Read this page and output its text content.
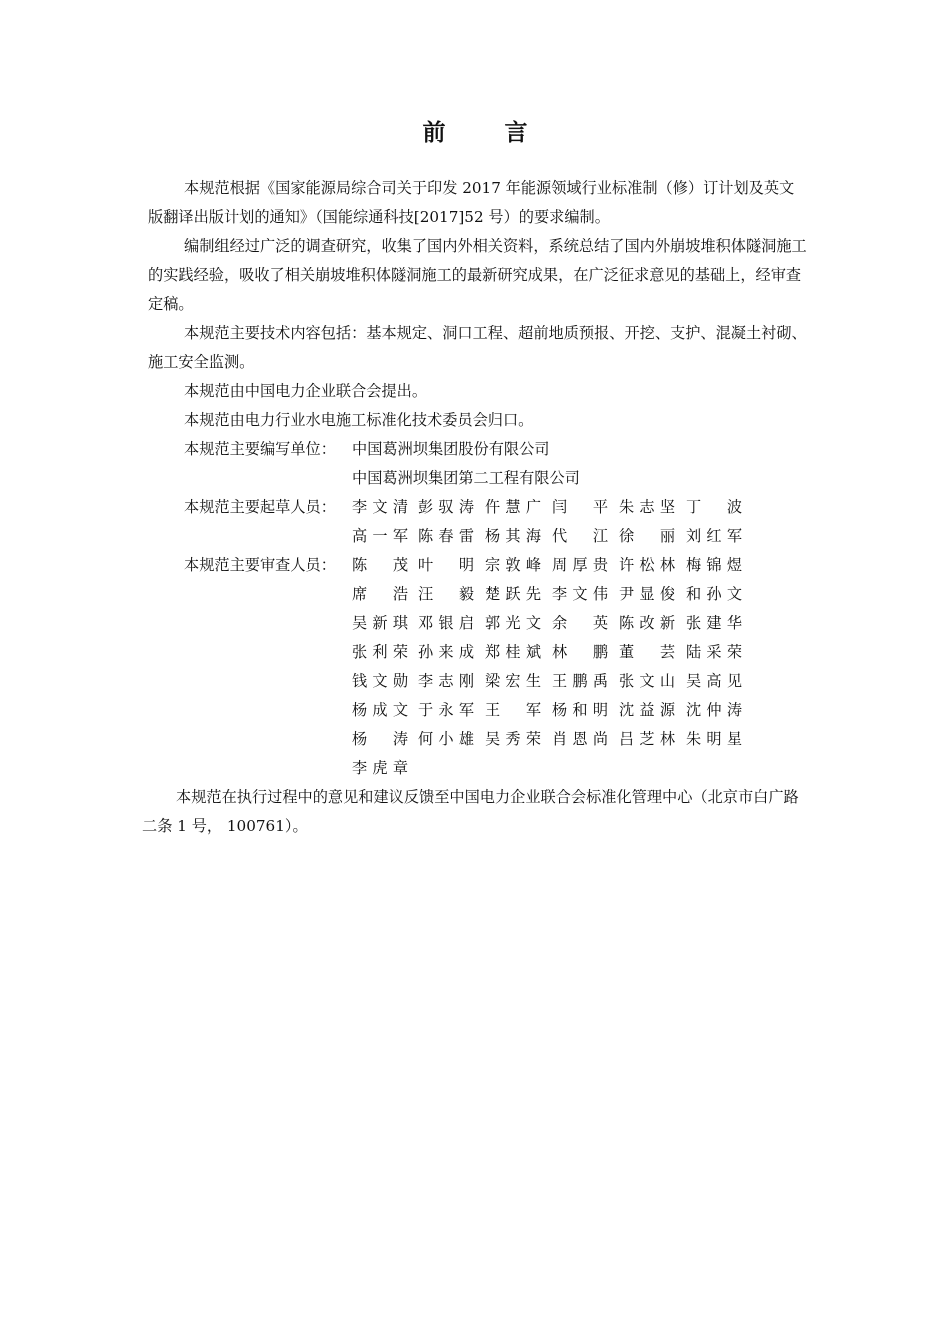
前　言

本规范根据《国家能源局综合司关于印发 2017 年能源领域行业标准制（修）订计划及英文版翻译出版计划的通知》（国能综通科技[2017]52 号）的要求编制。

编制组经过广泛的调查研究，收集了国内外相关资料，系统总结了国内外崩坡堆积体隧洞施工的实践经验，吸收了相关崩坡堆积体隧洞施工的最新研究成果，在广泛征求意见的基础上，经审查定稿。

本规范主要技术内容包括：基本规定、洞口工程、超前地质预报、开挖、支护、混凝土衬砌、施工安全监测。

本规范由中国电力企业联合会提出。

本规范由电力行业水电施工标准化技术委员会归口。

本规范主要编写单位： 中国葛洲坝集团股份有限公司
中国葛洲坝集团第二工程有限公司
本规范主要起草人员： 李文清 彭驭涛 仵慧广 闫平 朱志坚 丁波
高一军 陈春雷 杨其海 代江 徐丽 刘红军
本规范主要审查人员： 陈茂 叶明 宗敦峰 周厚贵 许松林 梅锦煜
席浩 汪毅 楚跃先 李文伟 尹显俊 和孙文
吴新琪 邓银启 郭光文 余英 陈改新 张建华
张利荣 孙来成 郑桂斌 林鹏 董芸 陆采荣
钱文勋 李志刚 梁宏生 王鹏禹 张文山 吴高见
杨成文 于永军 王军 杨和明 沈益源 沈仲涛
杨涛 何小雄 吴秀荣 肖恩尚 吕芝林 朱明星
李虎章

本规范在执行过程中的意见和建议反馈至中国电力企业联合会标准化管理中心（北京市白广路二条 1 号， 100761）。
